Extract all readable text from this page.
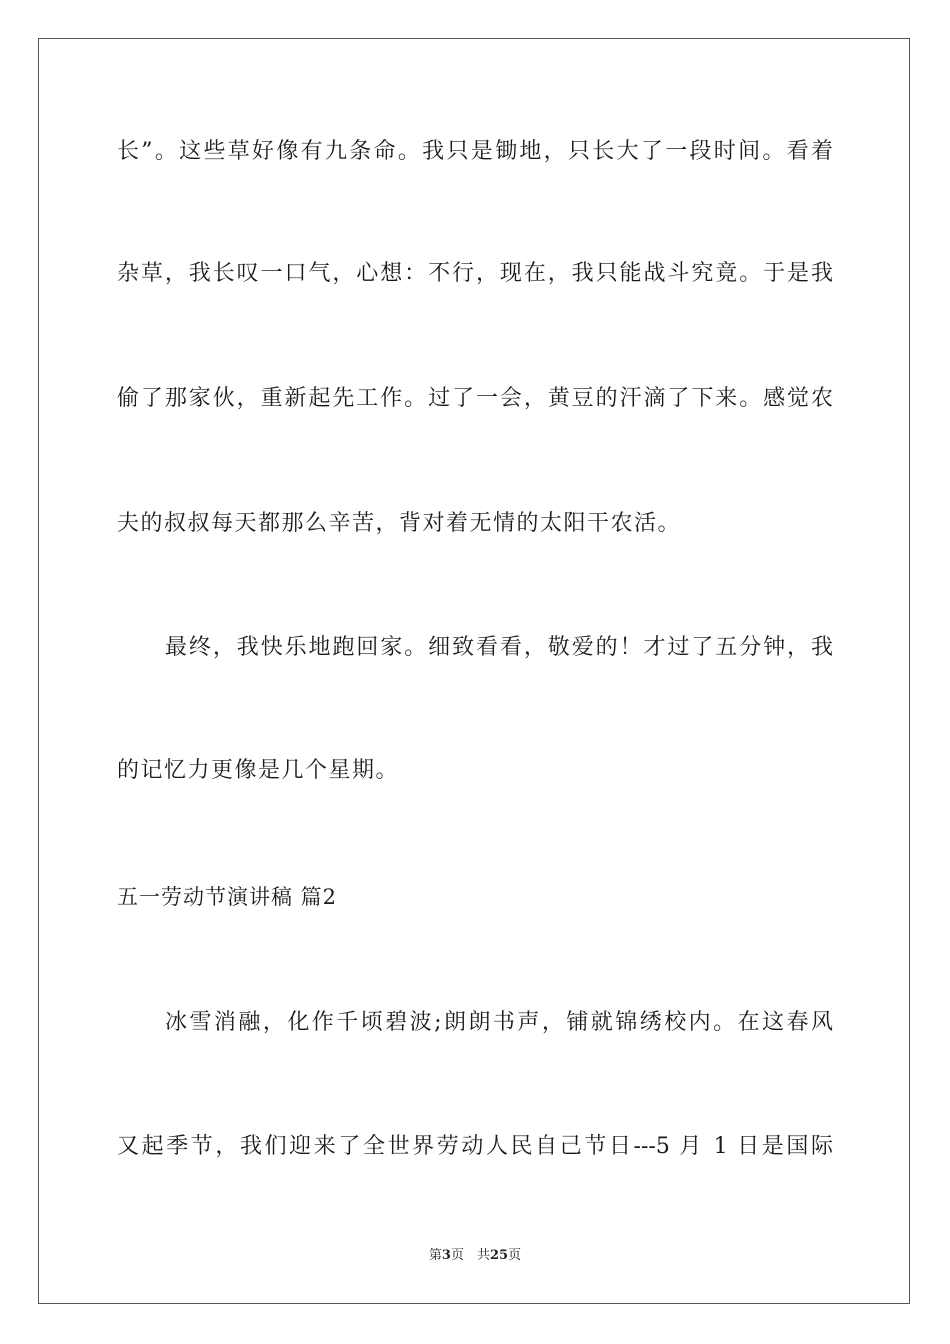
长”。这些草好像有九条命。我只是锄地，只长大了一段时间。看着
杂草，我长叹一口气，心想：不行，现在，我只能战斗究竟。于是我
偷了那家伙，重新起先工作。过了一会，黄豆的汗滴了下来。感觉农
夫的叔叔每天都那么辛苦，背对着无情的太阳干农活。
最终，我快乐地跑回家。细致看看，敬爱的！才过了五分钟，我
的记忆力更像是几个星期。
五一劳动节演讲稿 篇2
冰雪消融，化作千顷碧波;朗朗书声，铺就锦绣校内。在这春风
又起季节，我们迎来了全世界劳动人民自己节日---5 月 1 日是国际
第3页　共25页
